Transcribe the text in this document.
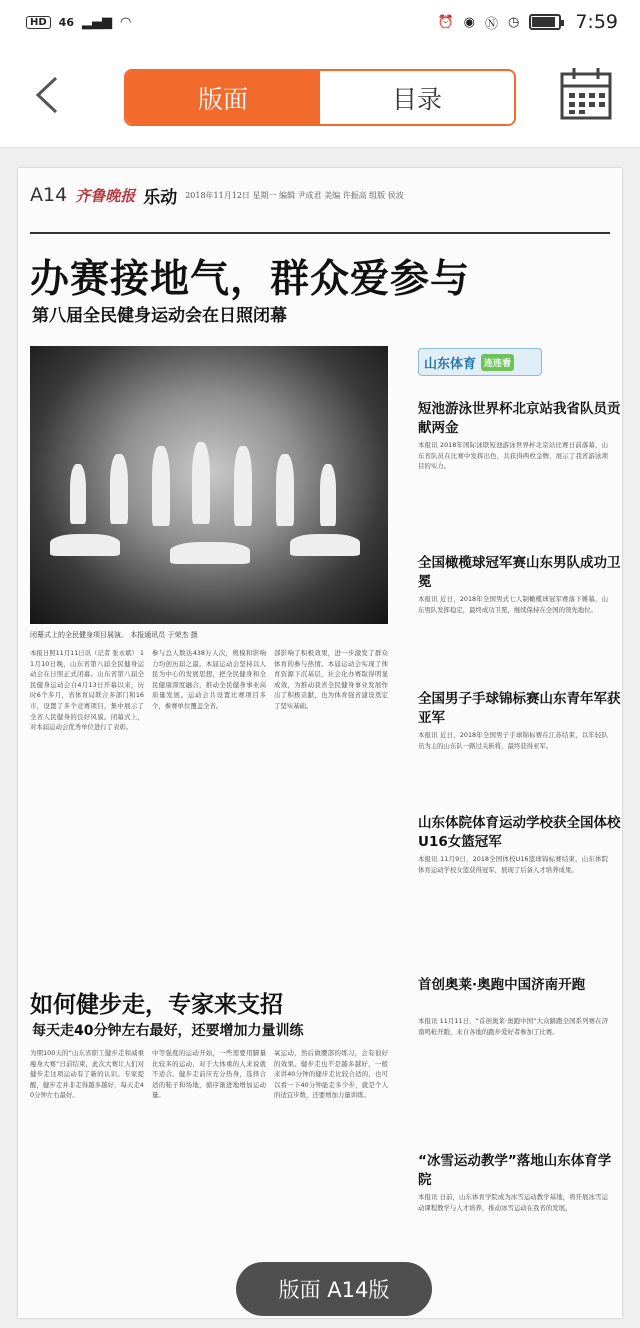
HD	46 ▂▄▆ ◠	⏰ ◉ Ⓝ ◷	7:59
版面	目录
A14 齐鲁晚报 乐动 2018年11月12日 星期一 编辑 尹成君 美编 许振高 组版 侯波
办赛接地气，群众爱参与
第八届全民健身运动会在日照闭幕
闭幕式上的全民健身项目展演。 本报通讯员 于荣杰 摄
本报日照11月11日讯（记者 张永斌） 11月10日晚，山东省第八届全民健身运动会在日照正式闭幕。山东省第八届全民健身运动会自4月13日开幕以来，历时6个多月，省体育局联合多部门和16市，设置了多个竞赛项目，集中展示了全省人民健身的良好风貌。闭幕式上，对本届运动会优秀单位进行了表彰。
参与总人数达438万人次，规模和影响力均创历届之最。本届运动会坚持以人民为中心的发展思想，把全民健身和全民健康深度融合，推动全民健身事业高质量发展。运动会共设置比赛项目多个，参赛单位覆盖全省。
部影响了积极效果，进一步激发了群众体育的参与热情。本届运动会实现了体育资源下沉基层，社会化办赛取得明显成效，为推动我省全民健身事业发展作出了积极贡献，也为体育强省建设奠定了坚实基础。
如何健步走，专家来支招
每天走40分钟左右最好，还要增加力量训练
为期100天的“山东省职工健步走和减重瘦身大赛”日前结束，此次大赛让人们对健步走这项运动有了新的认识。专家提醒，健步走并非走得越多越好，每天走40分钟左右最好。
中等强度的运动开始，一些需要用脚量比较多的运动，对于大体重的人来说就不适合。健步走前应充分热身，选择合适的鞋子和场地，循序渐进地增加运动量。
氧运动，然后做腰部的练习，会有很好的效果。健步走也不是越多越好，一般来讲40分钟的健步走比较合适的，也可以看一下40分钟能走多少步，就是个人的适宜步数，还要增加力量训练。
山东体育 连连看
短池游泳世界杯北京站我省队员贡献两金
本报讯 2018年国际泳联短池游泳世界杯北京站比赛日前落幕，山东省队员在比赛中发挥出色，共获得两枚金牌，展示了我省游泳项目的实力。
全国橄榄球冠军赛山东男队成功卫冕
本报讯 近日，2018年全国男式七人制橄榄球冠军赛落下帷幕，山东男队发挥稳定，最终成功卫冕，继续保持在全国的领先地位。
全国男子手球锦标赛山东青年军获亚军
本报讯 近日，2018年全国男子手球锦标赛在江苏结束，以年轻队员为主的山东队一路过关斩将，最终获得亚军。
山东体院体育运动学校获全国体校U16女篮冠军
本报讯 11月9日，2018全国体校U16篮球锦标赛结束，山东体院体育运动学校女篮获得冠军，展现了后备人才培养成果。
首创奥莱·奥跑中国济南开跑
本报讯 11月11日，“首创奥莱·奥跑中国”大众路跑全国系列赛在济南鸣枪开跑，来自各地的跑步爱好者参加了比赛。
“冰雪运动教学”落地山东体育学院
本报讯 日前，山东体育学院成为冰雪运动教学基地，将开展冰雪运动课程教学与人才培养，推动冰雪运动在我省的发展。
版面 A14版
